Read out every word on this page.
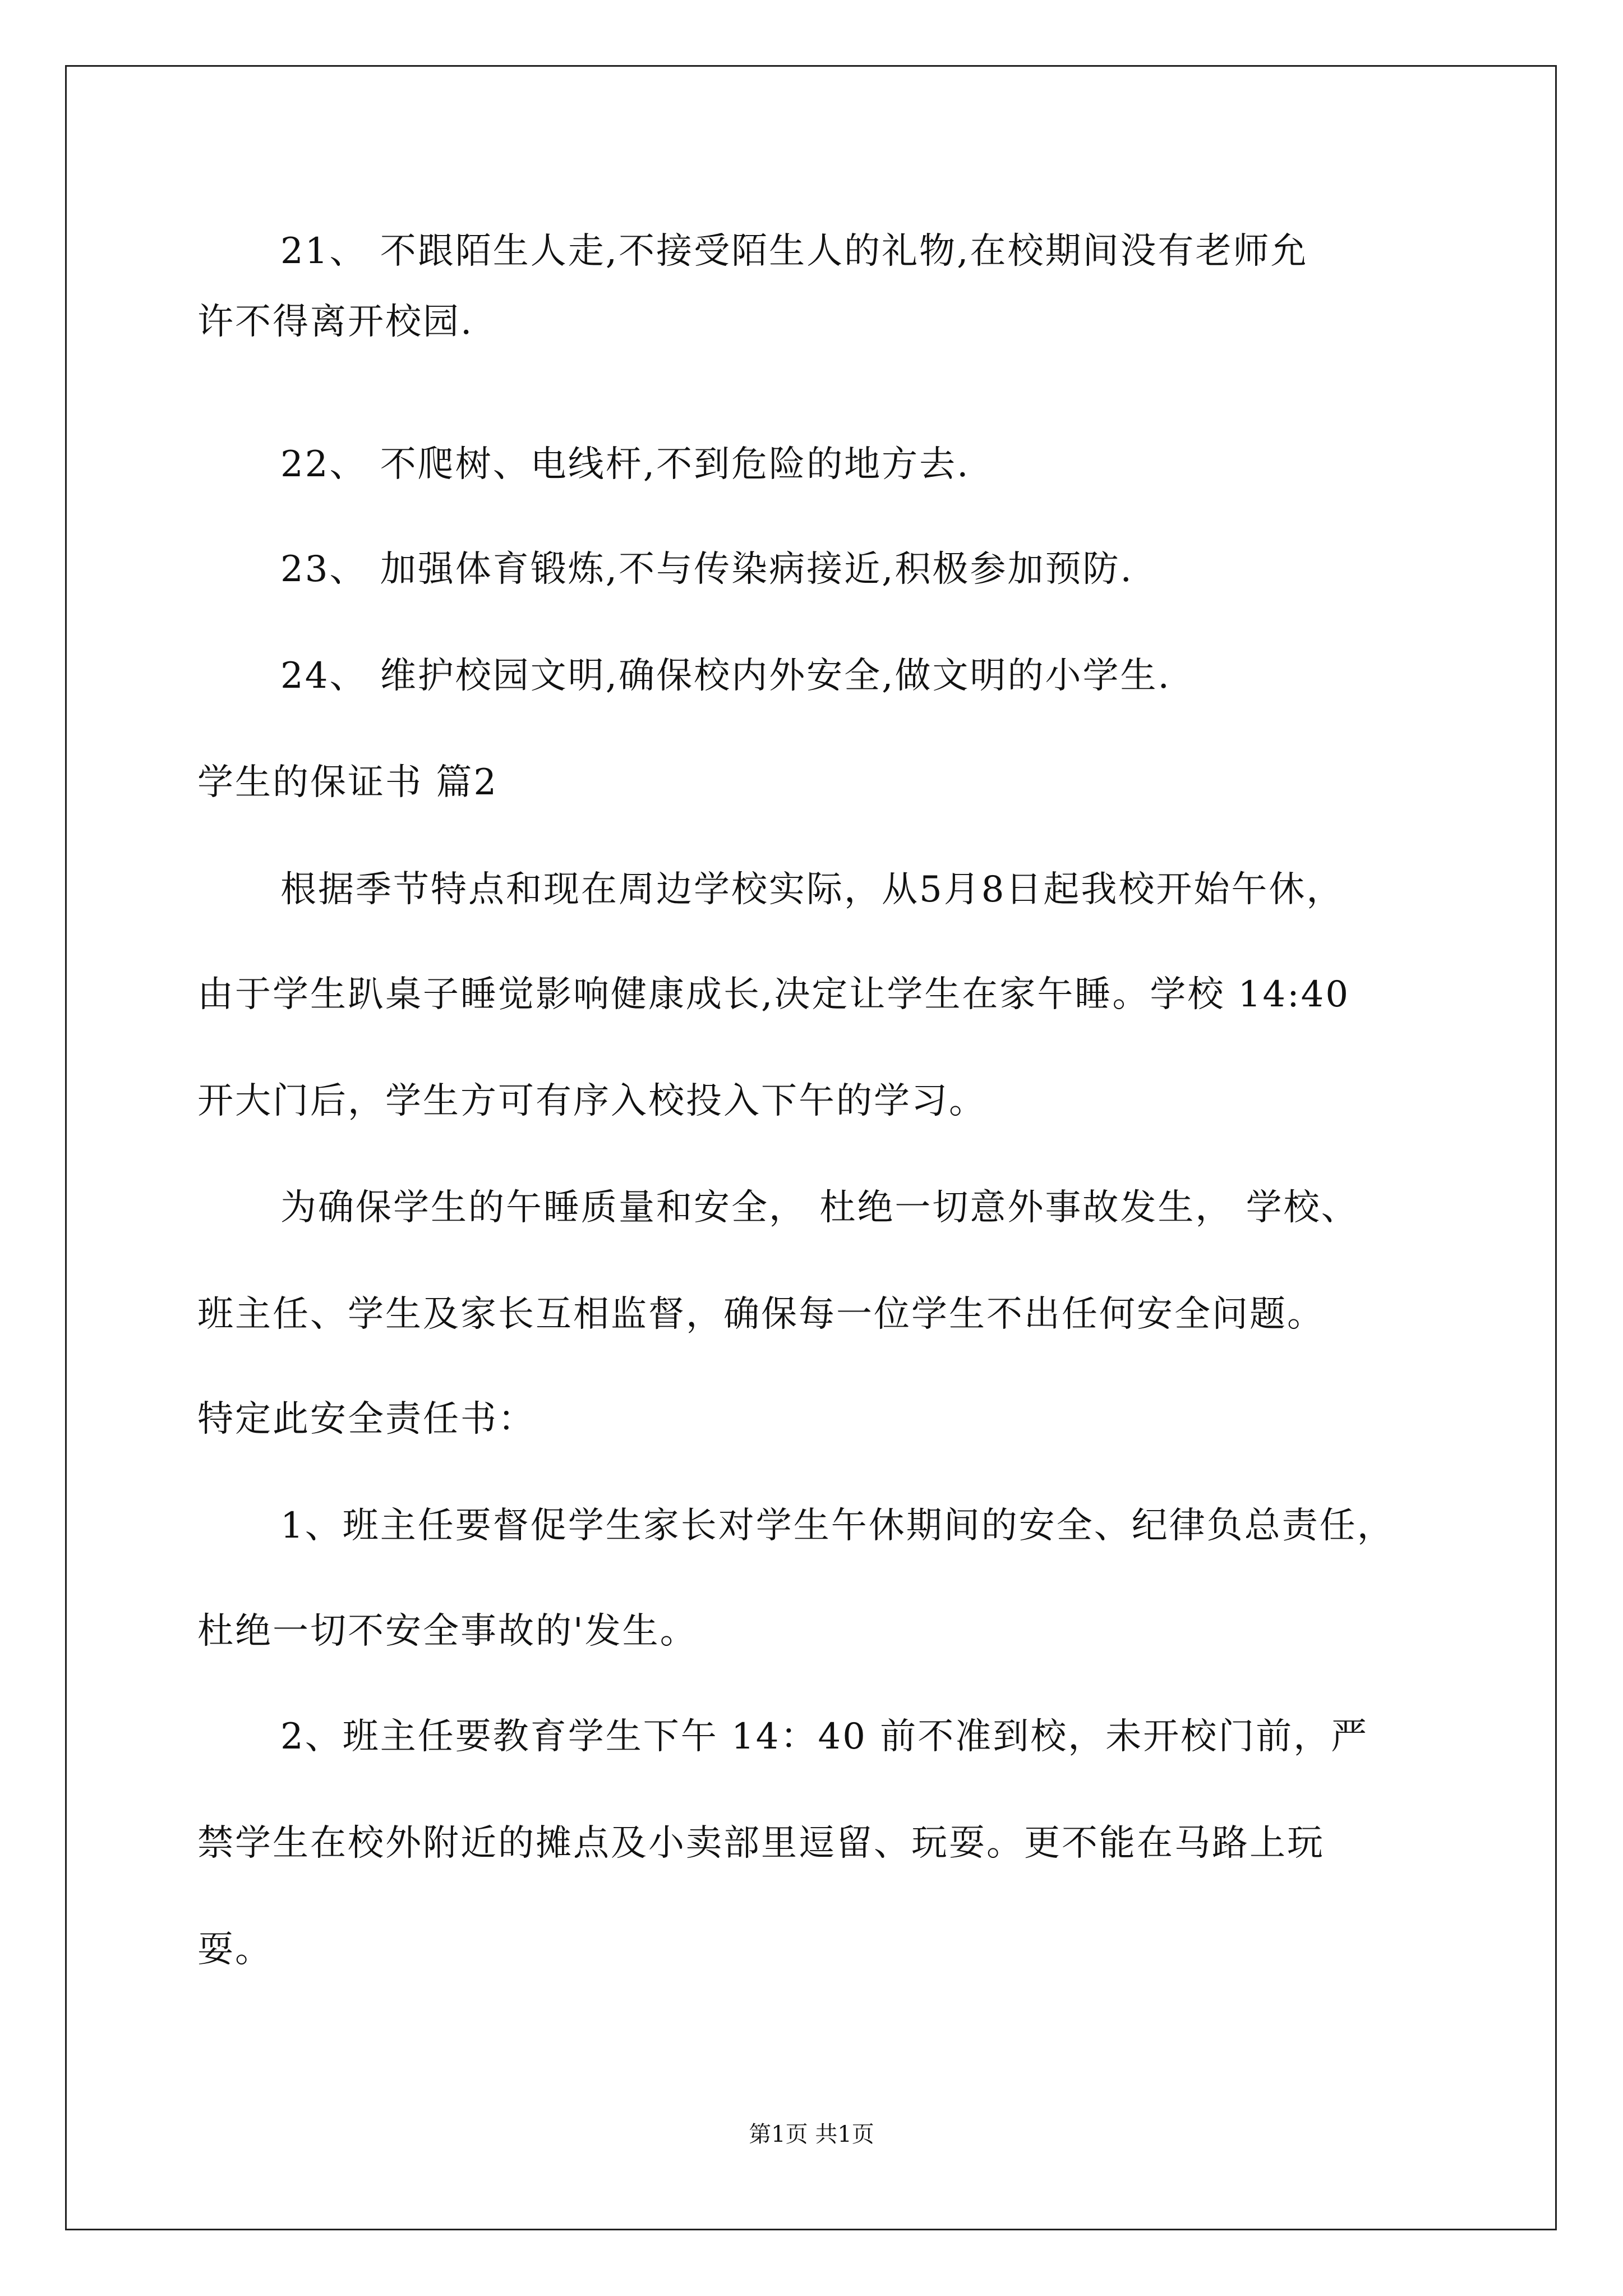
21、 不跟陌生人走,不接受陌生人的礼物,在校期间没有老师允
许不得离开校园.
22、 不爬树、电线杆,不到危险的地方去.
23、 加强体育锻炼,不与传染病接近,积极参加预防.
24、 维护校园文明,确保校内外安全,做文明的小学生.
学生的保证书 篇2
根据季节特点和现在周边学校实际，从5月8日起我校开始午休，
由于学生趴桌子睡觉影响健康成长,决定让学生在家午睡。学校 14:40
开大门后，学生方可有序入校投入下午的学习。
为确保学生的午睡质量和安全， 杜绝一切意外事故发生， 学校、
班主任、学生及家长互相监督，确保每一位学生不出任何安全问题。
特定此安全责任书：
1、班主任要督促学生家长对学生午休期间的安全、纪律负总责任，
杜绝一切不安全事故的'发生。
2、班主任要教育学生下午 14：40 前不准到校，未开校门前，严
禁学生在校外附近的摊点及小卖部里逗留、玩耍。更不能在马路上玩
耍。
第1页 共1页
